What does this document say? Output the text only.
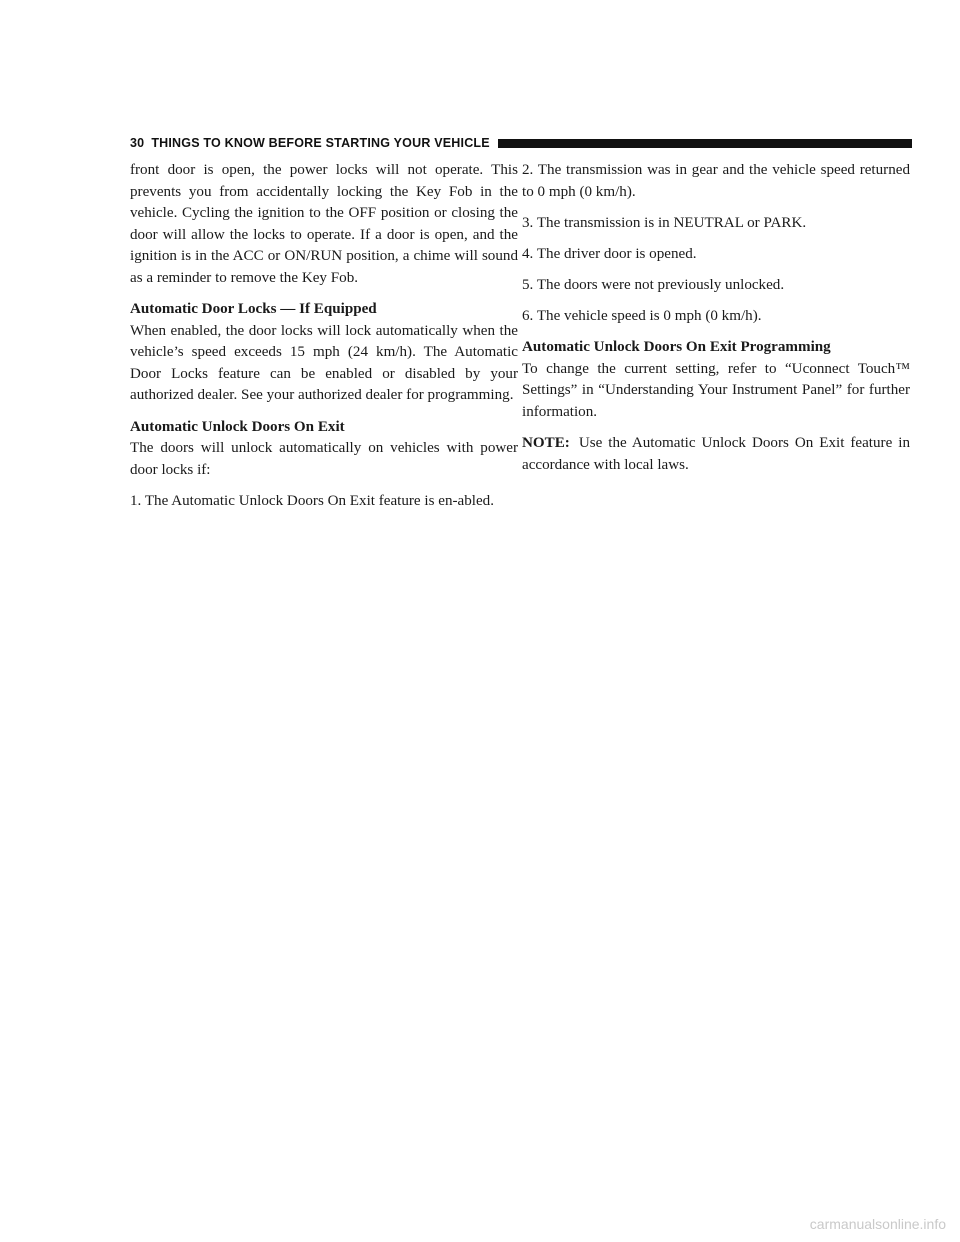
30 THINGS TO KNOW BEFORE STARTING YOUR VEHICLE

front door is open, the power locks will not operate. This prevents you from accidentally locking the Key Fob in the vehicle. Cycling the ignition to the OFF position or closing the door will allow the locks to operate. If a door is open, and the ignition is in the ACC or ON/RUN position, a chime will sound as a reminder to remove the Key Fob.

Automatic Door Locks — If Equipped

When enabled, the door locks will lock automatically when the vehicle’s speed exceeds 15 mph (24 km/h). The Automatic Door Locks feature can be enabled or disabled by your authorized dealer. See your authorized dealer for programming.

Automatic Unlock Doors On Exit

The doors will unlock automatically on vehicles with power door locks if:

1. The Automatic Unlock Doors On Exit feature is en-abled.

2. The transmission was in gear and the vehicle speed returned to 0 mph (0 km/h).

3. The transmission is in NEUTRAL or PARK.

4. The driver door is opened.

5. The doors were not previously unlocked.

6. The vehicle speed is 0 mph (0 km/h).

Automatic Unlock Doors On Exit Programming

To change the current setting, refer to “Uconnect Touch™ Settings” in “Understanding Your Instrument Panel” for further information.

NOTE: Use the Automatic Unlock Doors On Exit feature in accordance with local laws.

carmanualsonline.info
